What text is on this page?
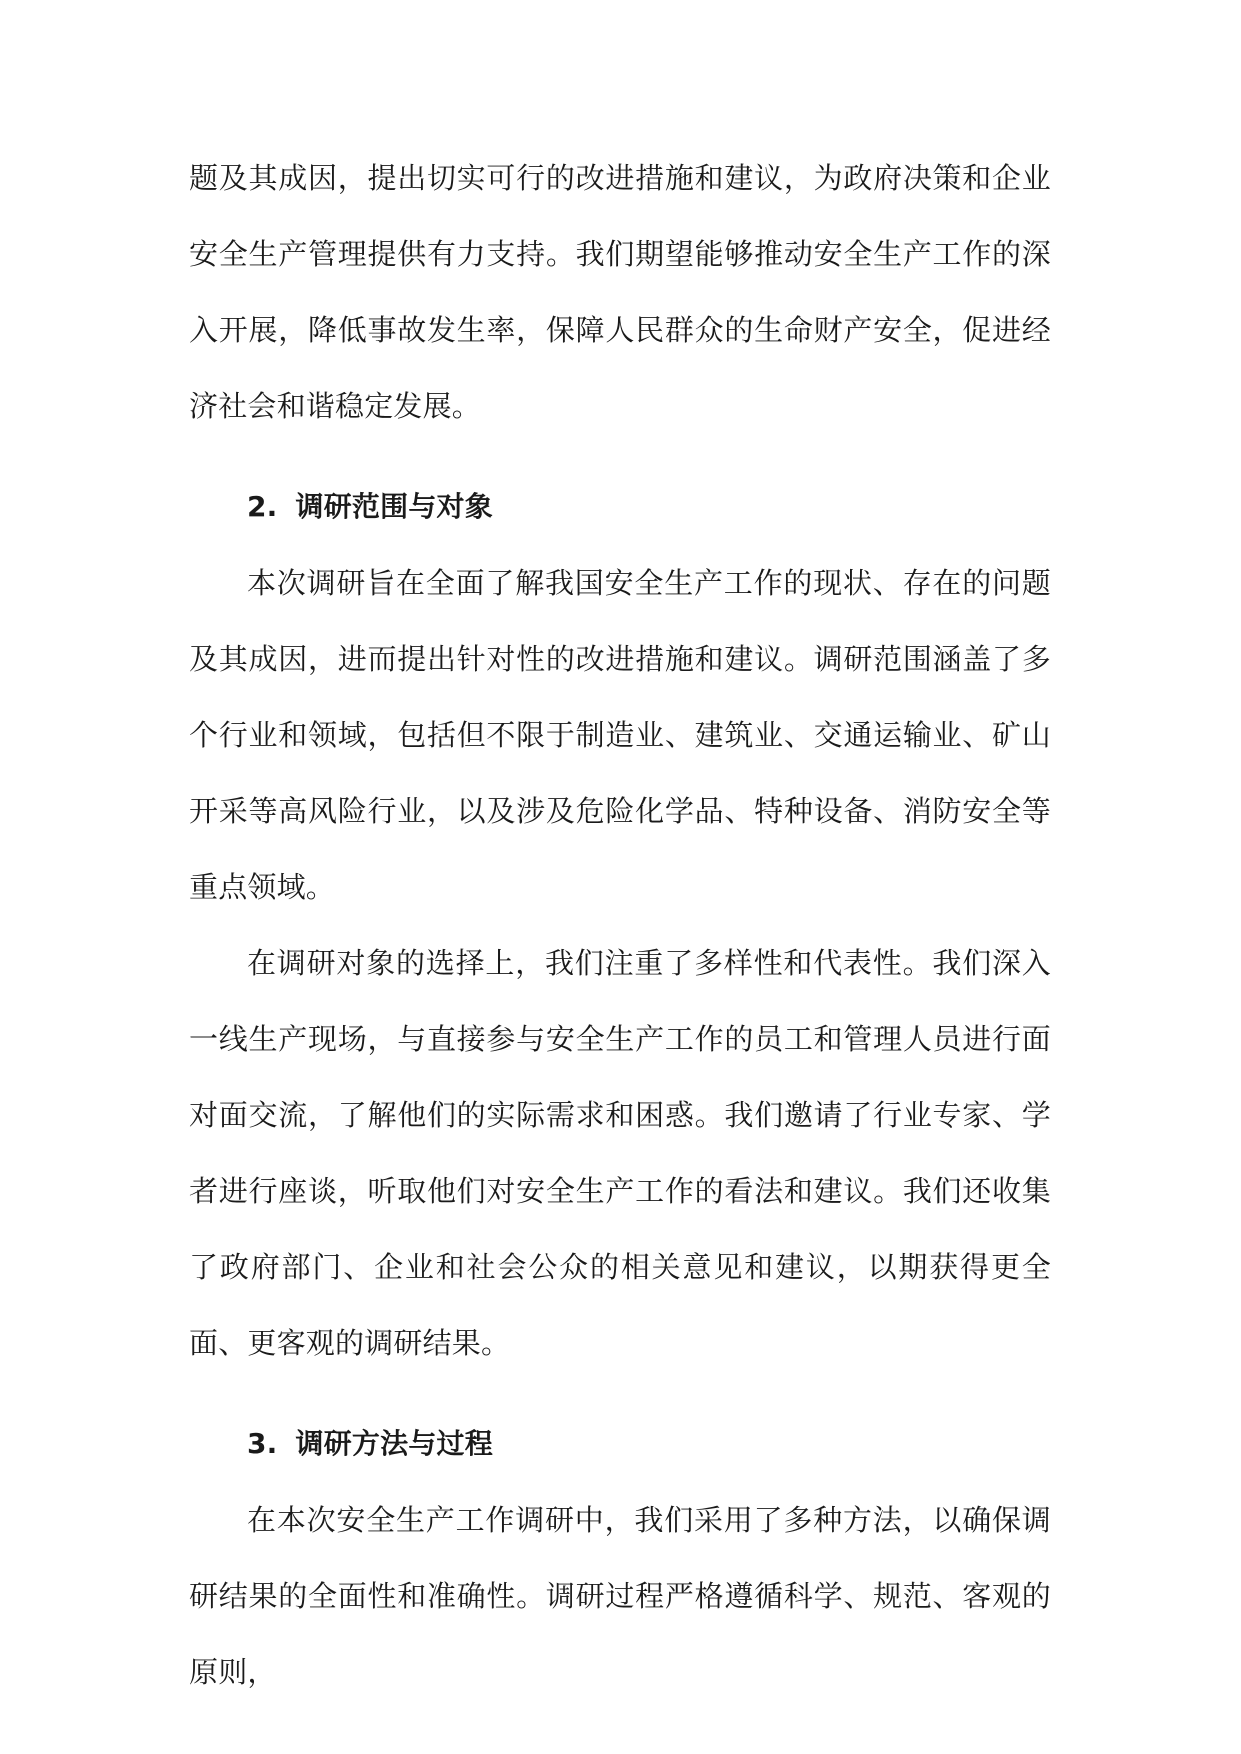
题及其成因，提出切实可行的改进措施和建议，为政府决策和企业安全生产管理提供有力支持。我们期望能够推动安全生产工作的深入开展，降低事故发生率，保障人民群众的生命财产安全，促进经济社会和谐稳定发展。

2. 调研范围与对象

本次调研旨在全面了解我国安全生产工作的现状、存在的问题及其成因，进而提出针对性的改进措施和建议。调研范围涵盖了多个行业和领域，包括但不限于制造业、建筑业、交通运输业、矿山开采等高风险行业，以及涉及危险化学品、特种设备、消防安全等重点领域。

在调研对象的选择上，我们注重了多样性和代表性。我们深入一线生产现场，与直接参与安全生产工作的员工和管理人员进行面对面交流，了解他们的实际需求和困惑。我们邀请了行业专家、学者进行座谈，听取他们对安全生产工作的看法和建议。我们还收集了政府部门、企业和社会公众的相关意见和建议，以期获得更全面、更客观的调研结果。

3. 调研方法与过程

在本次安全生产工作调研中，我们采用了多种方法，以确保调研结果的全面性和准确性。调研过程严格遵循科学、规范、客观的原则，
